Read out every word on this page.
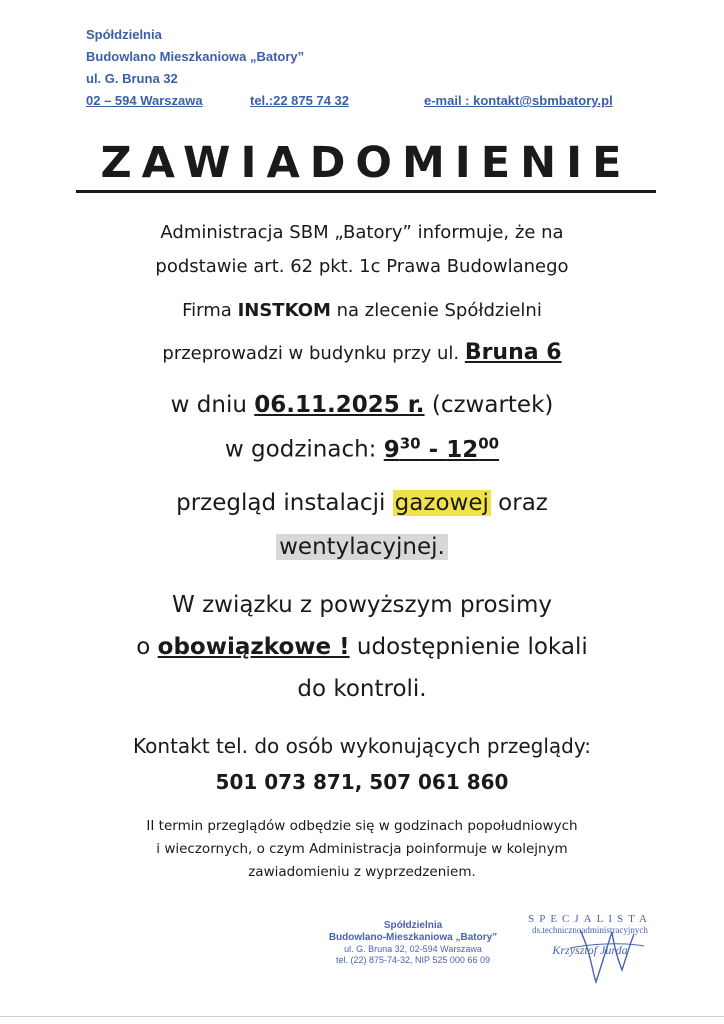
Spółdzielnia
Budowlano Mieszkaniowa „Batory”
ul. G. Bruna 32
02 – 594 Warszawa	tel.:22 875 74 32	e-mail : kontakt@sbmbatory.pl
ZAWIADOMIENIE
Administracja SBM „Batory” informuje, że na
podstawie art. 62 pkt. 1c Prawa Budowlanego
Firma INSTKOM na zlecenie Spółdzielni
przeprowadzi w budynku przy ul. Bruna 6
w dniu 06.11.2025 r. (czwartek)
w godzinach: $9^{30} - 12^{00}$
przegląd instalacji gazowej oraz
wentylacyjnej.
W związku z powyższym prosimy
o obowiązkowe ! udostępnienie lokali
do kontroli.
Kontakt tel. do osób wykonujących przeglądy:
501 073 871, 507 061 860
II termin przeglądów odbędzie się w godzinach popołudniowych
i wieczornych, o czym Administracja poinformuje w kolejnym
zawiadomieniu z wyprzedzeniem.
Spółdzielnia
Budowlano-Mieszkaniowa „Batory”
ul. G. Bruna 32, 02-594 Warszawa
tel. (22) 875-74-32, NIP 525 000 66 09
SPECJALISTA
ds.technicznoadministracyjnych
Krzysztof Jurda
